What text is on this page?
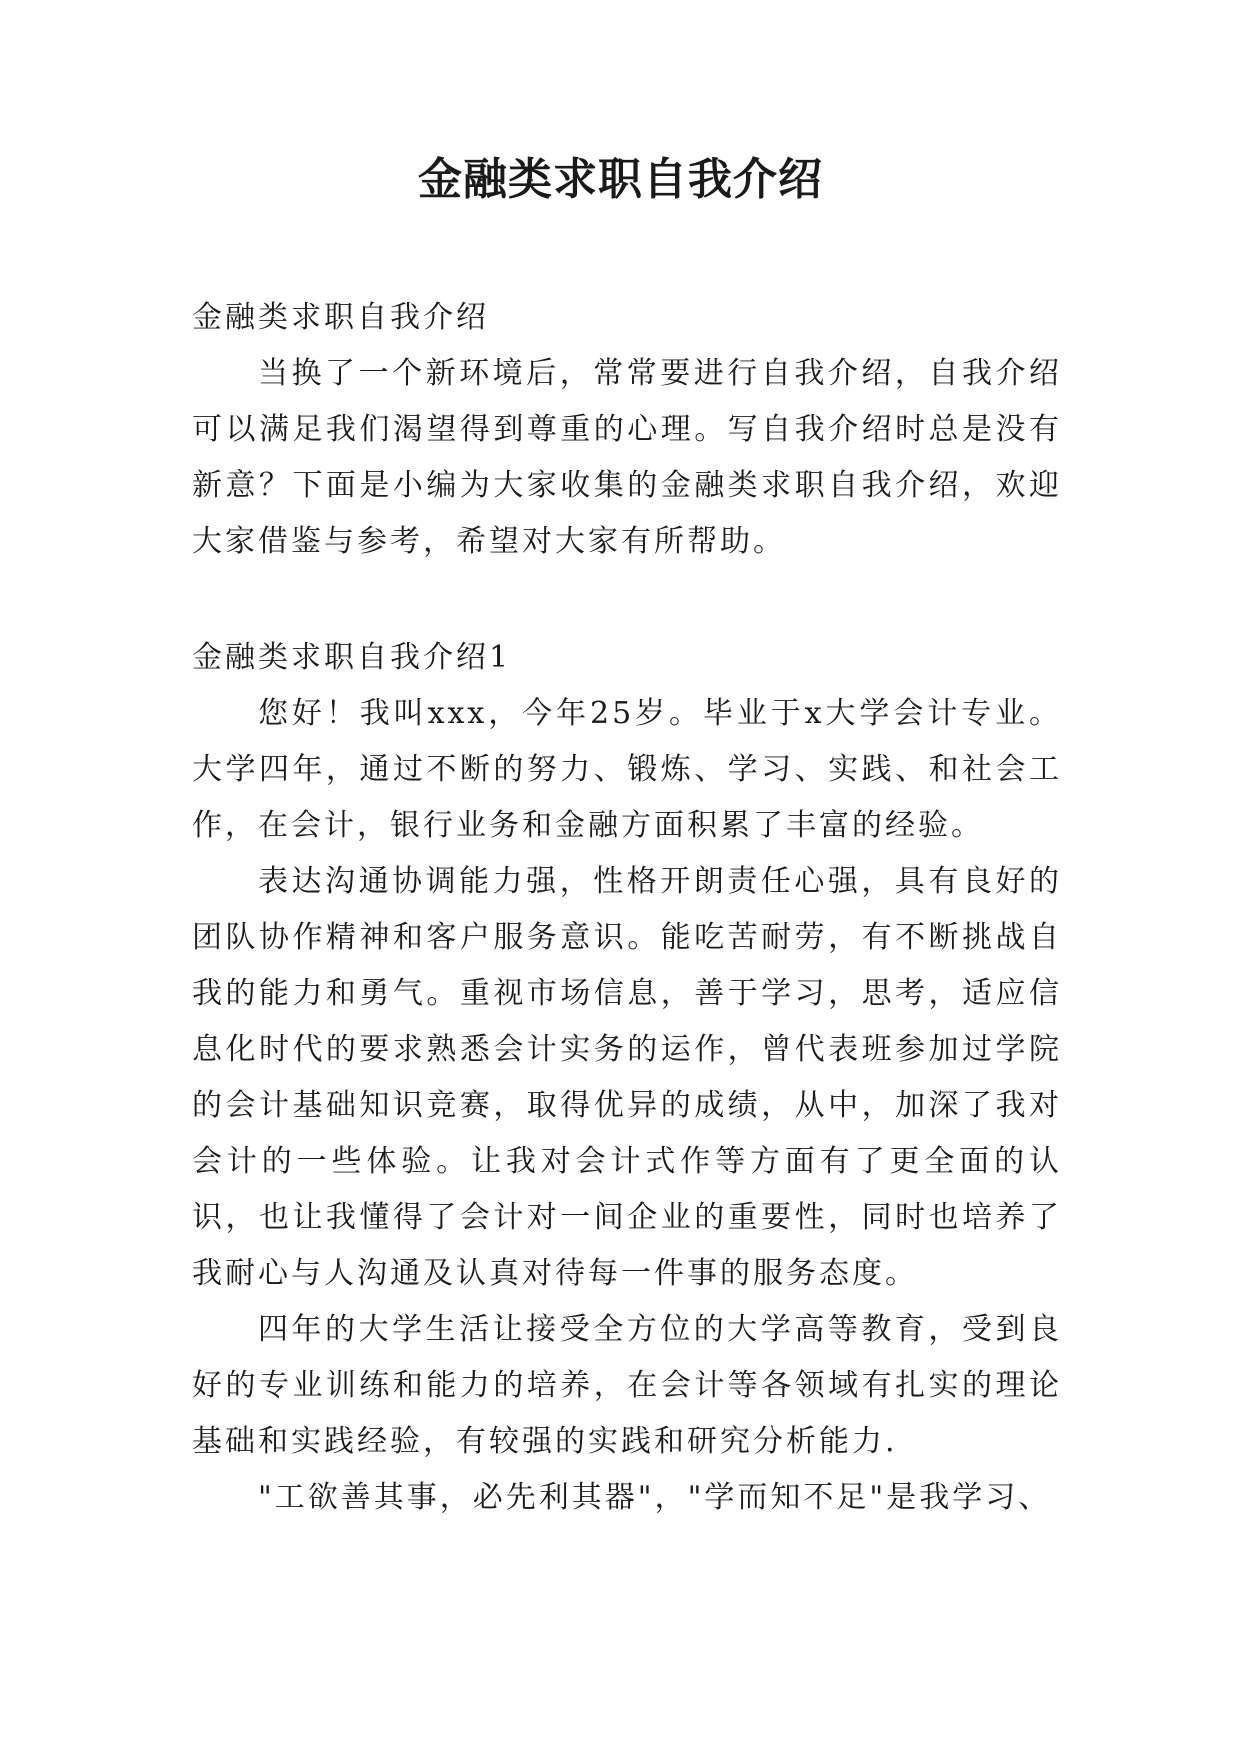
金融类求职自我介绍

金融类求职自我介绍

当换了一个新环境后，常常要进行自我介绍，自我介绍可以满足我们渴望得到尊重的心理。写自我介绍时总是没有新意？下面是小编为大家收集的金融类求职自我介绍，欢迎大家借鉴与参考，希望对大家有所帮助。

金融类求职自我介绍1

您好！我叫xxx，今年25岁。毕业于x大学会计专业。大学四年，通过不断的努力、锻炼、学习、实践、和社会工作，在会计，银行业务和金融方面积累了丰富的经验。

表达沟通协调能力强，性格开朗责任心强，具有良好的团队协作精神和客户服务意识。能吃苦耐劳，有不断挑战自我的能力和勇气。重视市场信息，善于学习，思考，适应信息化时代的要求熟悉会计实务的运作，曾代表班参加过学院的会计基础知识竞赛，取得优异的成绩，从中，加深了我对会计的一些体验。让我对会计式作等方面有了更全面的认识，也让我懂得了会计对一间企业的重要性，同时也培养了我耐心与人沟通及认真对待每一件事的服务态度。

四年的大学生活让接受全方位的大学高等教育，受到良好的专业训练和能力的培养，在会计等各领域有扎实的理论基础和实践经验，有较强的实践和研究分析能力.

"工欲善其事，必先利其器"，"学而知不足"是我学习、
